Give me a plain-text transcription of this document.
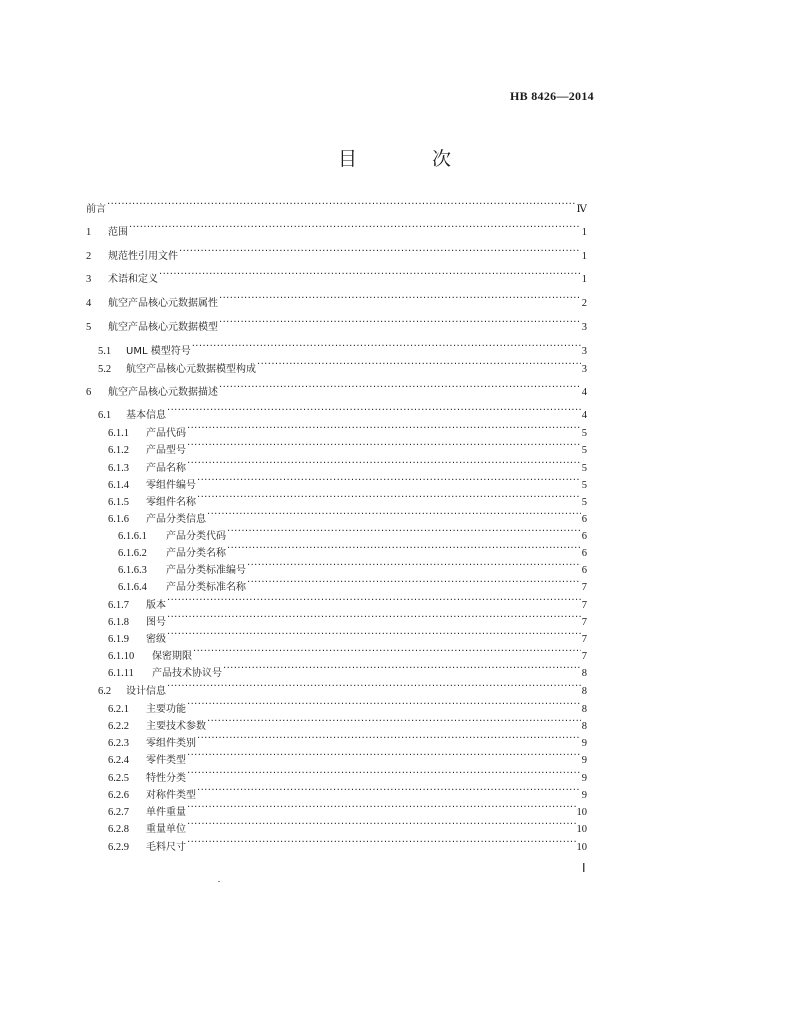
HB 8426—2014
目　次
前言 ·····	Ⅳ
1	范围 ·····	1
2	规范性引用文件 ·····	1
3	术语和定义 ·····	1
4	航空产品核心元数据属性 ·····	2
5	航空产品核心元数据模型 ·····	3
5.1	UML 模型符号 ·····	3
5.2	航空产品核心元数据模型构成 ·····	3
6	航空产品核心元数据描述 ·····	4
6.1	基本信息 ·····	4
6.1.1	产品代码 ·····	5
6.1.2	产品型号 ·····	5
6.1.3	产品名称 ·····	5
6.1.4	零组件编号 ·····	5
6.1.5	零组件名称 ·····	5
6.1.6	产品分类信息 ·····	6
6.1.6.1	产品分类代码 ·····	6
6.1.6.2	产品分类名称 ·····	6
6.1.6.3	产品分类标准编号 ·····	6
6.1.6.4	产品分类标准名称 ·····	7
6.1.7	版本 ·····	7
6.1.8	图号 ·····	7
6.1.9	密级 ·····	7
6.1.10	保密期限 ·····	7
6.1.11	产品技术协议号 ·····	8
6.2	设计信息 ·····	8
6.2.1	主要功能 ·····	8
6.2.2	主要技术参数 ·····	8
6.2.3	零组件类别 ·····	9
6.2.4	零件类型 ·····	9
6.2.5	特性分类 ·····	9
6.2.6	对称件类型 ·····	9
6.2.7	单件重量 ·····	10
6.2.8	重量单位 ·····	10
6.2.9	毛料尺寸 ·····	10
Ⅰ
